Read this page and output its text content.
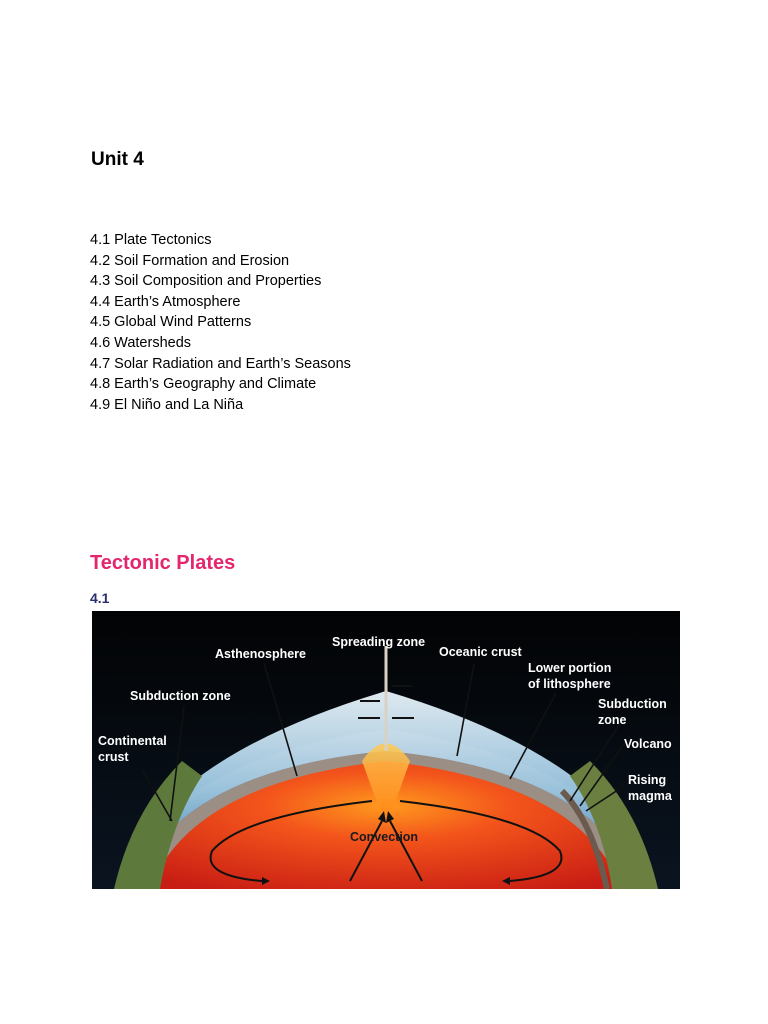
Unit 4
4.1 Plate Tectonics
4.2 Soil Formation and Erosion
4.3 Soil Composition and Properties
4.4 Earth’s Atmosphere
4.5 Global Wind Patterns
4.6 Watersheds
4.7 Solar Radiation and Earth’s Seasons
4.8 Earth’s Geography and Climate
4.9 El Niño and La Niña
Tectonic Plates
4.1
Asthenosphere
Spreading zone
Oceanic crust
Lower portion
of lithosphere
Subduction zone
Subduction
zone
Continental
crust
Volcano
Rising
magma
Convection
